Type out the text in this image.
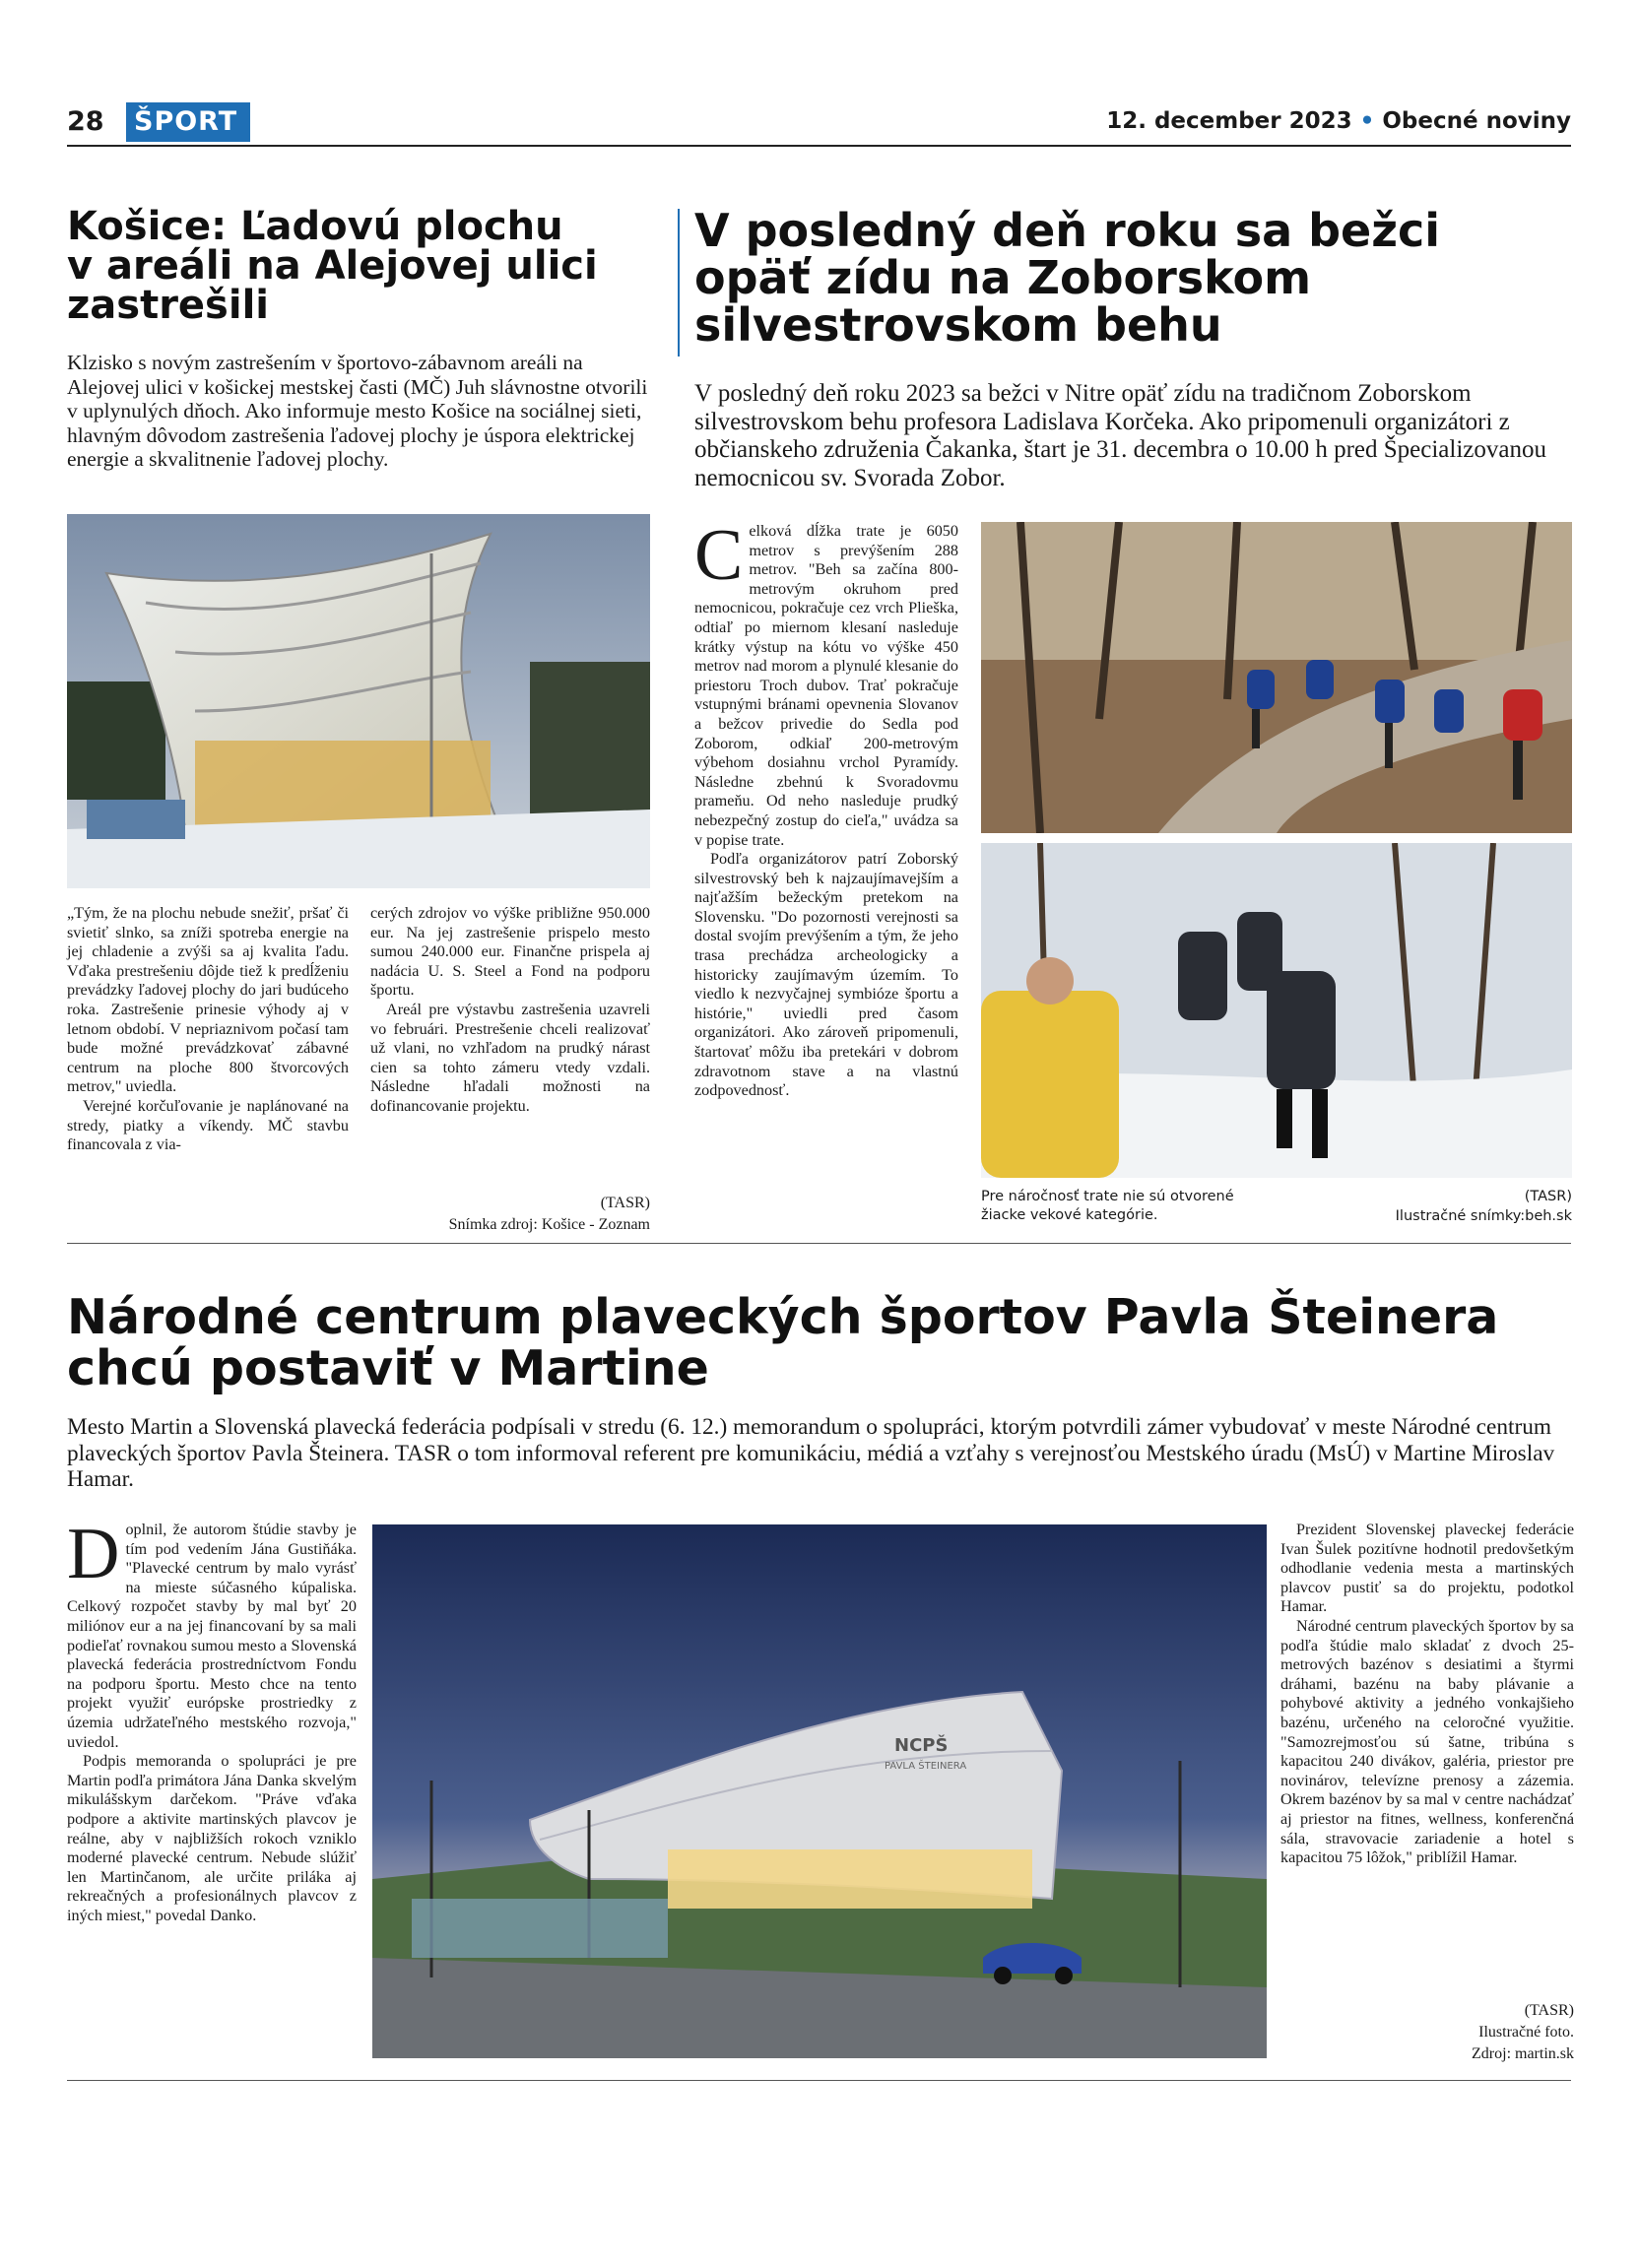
28 ŠPORT	12. december 2023 • Obecné noviny
Košice: Ľadovú plochu
v areáli na Alejovej ulici
zastrešili
Klzisko s novým zastrešením v športovo-zábavnom areáli na Alejovej ulici v košickej mestskej časti (MČ) Juh slávnostne otvorili v uplynulých dňoch. Ako informuje mesto Košice na sociálnej sieti, hlavným dôvodom zastrešenia ľadovej plochy je úspora elektrickej energie a skvalitnenie ľadovej plochy.

„Tým, že na plochu nebude snežiť, pršať či svietiť slnko, sa zníži spotreba energie na jej chladenie a zvýši sa aj kvalita ľadu. Vďaka prestrešeniu dôjde tiež k predĺženiu prevádzky ľadovej plochy do jari budúceho roka. Zastrešenie prinesie výhody aj v letnom období. V nepriaznivom počasí tam bude možné prevádzkovať zábavné centrum na ploche 800 štvorcových metrov," uviedla.

Verejné korčuľovanie je naplánované na stredy, piatky a víkendy. MČ stavbu financovala z via-

cerých zdrojov vo výške približne 950.000 eur. Na jej zastrešenie prispelo mesto sumou 240.000 eur. Finančne prispela aj nadácia U. S. Steel a Fond na podporu športu.

Areál pre výstavbu zastrešenia uzavreli vo februári. Prestrešenie chceli realizovať už vlani, no vzhľadom na prudký nárast cien sa tohto zámeru vtedy vzdali. Následne hľadali možnosti na dofinancovanie projektu.

(TASR)
Snímka zdroj: Košice - Zoznam
V posledný deň roku sa bežci
opäť zídu na Zoborskom
silvestrovskom behu
V posledný deň roku 2023 sa bežci v Nitre opäť zídu na tradičnom Zoborskom silvestrovskom behu profesora Ladislava Korčeka. Ako pripomenuli organizátori z občianskeho združenia Čakanka, štart je 31. decembra o 10.00 h pred Špecializovanou nemocnicou sv. Svorada Zobor.
C elková dĺžka trate je 6050 metrov s prevýšením 288 metrov. "Beh sa začína 800-metrovým okruhom pred nemocnicou, pokračuje cez vrch Plieška, odtiaľ po miernom klesaní nasleduje krátky výstup na kótu vo výške 450 metrov nad morom a plynulé klesanie do priestoru Troch dubov. Trať pokračuje vstupnými bránami opevnenia Slovanov a bežcov privedie do Sedla pod Zoborom, odkiaľ 200-metrovým výbehom dosiahnu vrchol Pyramídy. Následne zbehnú k Svoradovmu prameňu. Od neho nasleduje prudký nebezpečný zostup do cieľa," uvádza sa v popise trate.

Podľa organizátorov patrí Zoborský silvestrovský beh k najzaujímavejším a najťažším bežeckým pretekom na Slovensku. "Do pozornosti verejnosti sa dostal svojím prevýšením a tým, že jeho trasa prechádza archeologicky a historicky zaujímavým územím. To viedlo k nezvyčajnej symbióze športu a histórie," uviedli pred časom organizátori. Ako zároveň pripomenuli, štartovať môžu iba pretekári v dobrom zdravotnom stave a na vlastnú zodpovednosť.

Pre náročnosť trate nie sú otvorené žiacke vekové kategórie.
(TASR)
Ilustračné snímky:beh.sk
Národné centrum plaveckých športov Pavla Šteinera
chcú postaviť v Martine
Mesto Martin a Slovenská plavecká federácia podpísali v stredu (6. 12.) memorandum o spolupráci, ktorým potvrdili zámer vybudovať v meste Národné centrum plaveckých športov Pavla Šteinera. TASR o tom informoval referent pre komunikáciu, médiá a vzťahy s verejnosťou Mestského úradu (MsÚ) v Martine Miroslav Hamar.
D oplnil, že autorom štúdie stavby je tím pod vedením Jána Gustiňáka. "Plavecké centrum by malo vyrásť na mieste súčasného kúpaliska. Celkový rozpočet stavby by mal byť 20 miliónov eur a na jej financovaní by sa mali podieľať rovnakou sumou mesto a Slovenská plavecká federácia prostredníctvom Fondu na podporu športu. Mesto chce na tento projekt využiť európske prostriedky z územia udržateľného mestského rozvoja," uviedol.

Podpis memoranda o spolupráci je pre Martin podľa primátora Jána Danka skvelým mikulášskym darčekom. "Práve vďaka podpore a aktivite martinských plavcov je reálne, aby v najbližších rokoch vzniklo moderné plavecké centrum. Nebude slúžiť len Martinčanom, ale určite priláka aj rekreačných a profesionálnych plavcov z iných miest," povedal Danko.

NCPŠ
PAVLA ŠTEINERA

Prezident Slovenskej plaveckej federácie Ivan Šulek pozitívne hodnotil predovšetkým odhodlanie vedenia mesta a martinských plavcov pustiť sa do projektu, podotkol Hamar.

Národné centrum plaveckých športov by sa podľa štúdie malo skladať z dvoch 25-metrových bazénov s desiatimi a štyrmi dráhami, bazénu na baby plávanie a pohybové aktivity a jedného vonkajšieho bazénu, určeného na celoročné využitie. "Samozrejmosťou sú šatne, tribúna s kapacitou 240 divákov, galéria, priestor pre novinárov, televízne prenosy a zázemia. Okrem bazénov by sa mal v centre nachádzať aj priestor na fitnes, wellness, konferenčná sála, stravovacie zariadenie a hotel s kapacitou 75 lôžok," priblížil Hamar.

(TASR)
Ilustračné foto.
Zdroj: martin.sk
